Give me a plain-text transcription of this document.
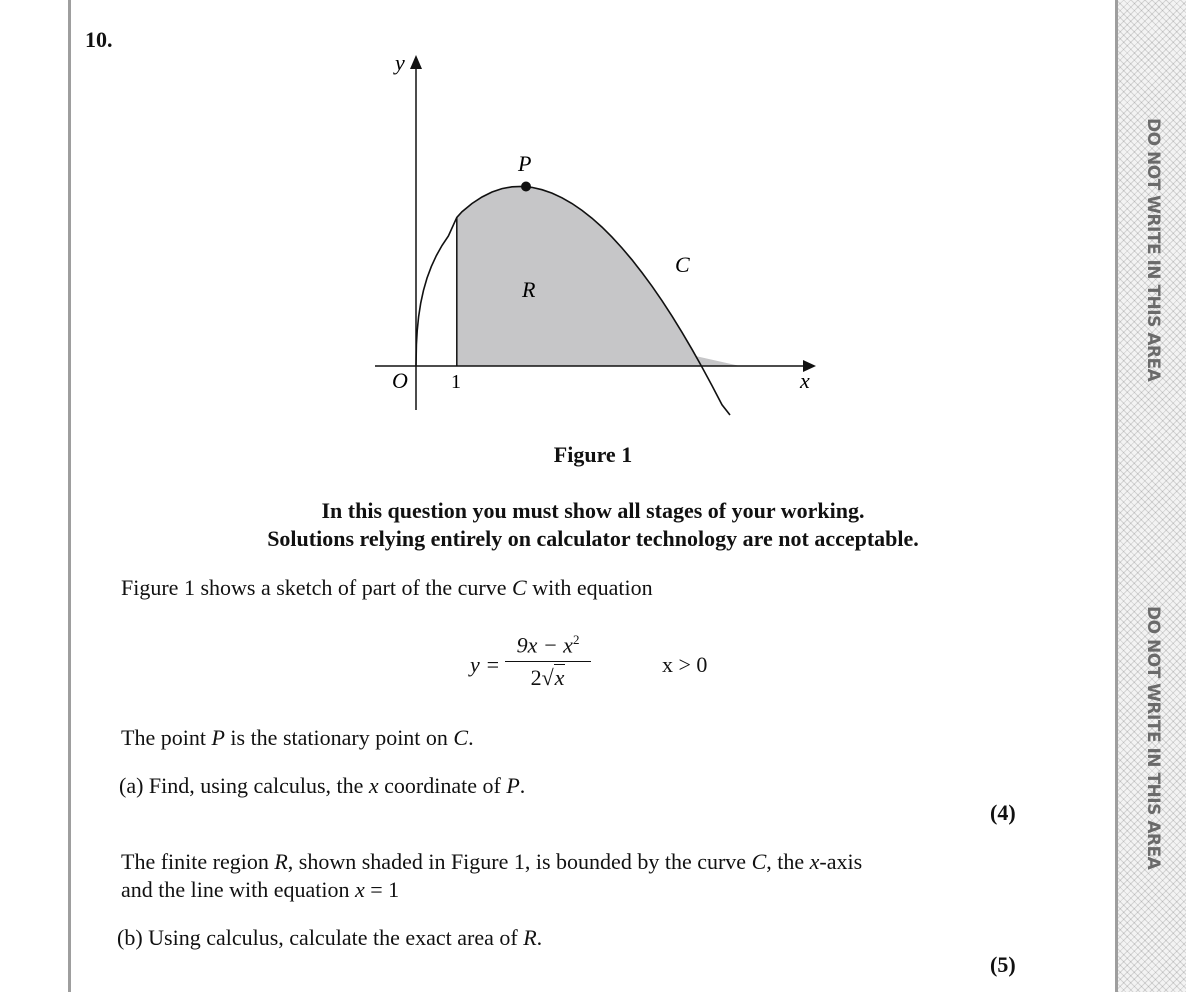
DO NOT WRITE IN THIS AREA
DO NOT WRITE IN THIS AREA
10.
y
x
O 1
P
C
R
Figure 1
In this question you must show all stages of your working.
Solutions relying entirely on calculator technology are not acceptable.
Figure 1 shows a sketch of part of the curve C with equation
y =
$9x - x^2$
2√x
x > 0
The point P is the stationary point on C.
(a) Find, using calculus, the x coordinate of P.
(4)
The finite region R, shown shaded in Figure 1, is bounded by the curve C, the x-axis
and the line with equation x = 1
(b) Using calculus, calculate the exact area of R.
(5)
